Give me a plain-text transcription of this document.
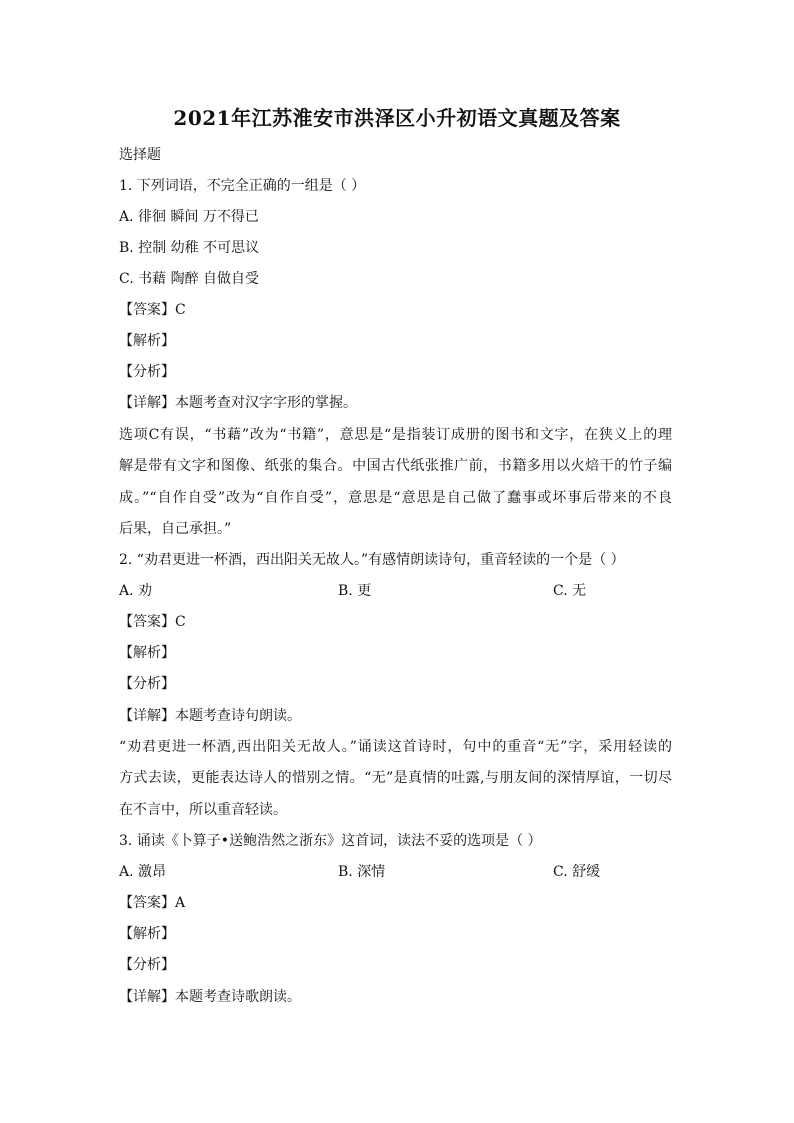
2021年江苏淮安市洪泽区小升初语文真题及答案
选择题
1. 下列词语，不完全正确的一组是（ ）
A. 徘徊 瞬间 万不得已
B. 控制 幼稚 不可思议
C. 书藉 陶醉 自做自受
【答案】C
【解析】
【分析】
【详解】本题考查对汉字字形的掌握。
选项C有误，“书藉”改为“书籍”，意思是“是指装订成册的图书和文字，在狭义上的理
解是带有文字和图像、纸张的集合。中国古代纸张推广前，书籍多用以火焙干的竹子编
成。”“自作自受”改为“自作自受”，意思是“意思是自己做了蠢事或坏事后带来的不良
后果，自己承担。”
2. “劝君更进一杯酒，西出阳关无故人。”有感情朗读诗句，重音轻读的一个是（ ）
A. 劝	B. 更	C. 无
【答案】C
【解析】
【分析】
【详解】本题考查诗句朗读。
“劝君更进一杯酒,西出阳关无故人。”诵读这首诗时，句中的重音“无”字，采用轻读的
方式去读，更能表达诗人的惜别之情。“无”是真情的吐露,与朋友间的深情厚谊，一切尽
在不言中，所以重音轻读。
3. 诵读《卜算子•送鲍浩然之浙东》这首词，读法不妥的选项是（ ）
A. 激昂	B. 深情	C. 舒缓
【答案】A
【解析】
【分析】
【详解】本题考查诗歌朗读。
